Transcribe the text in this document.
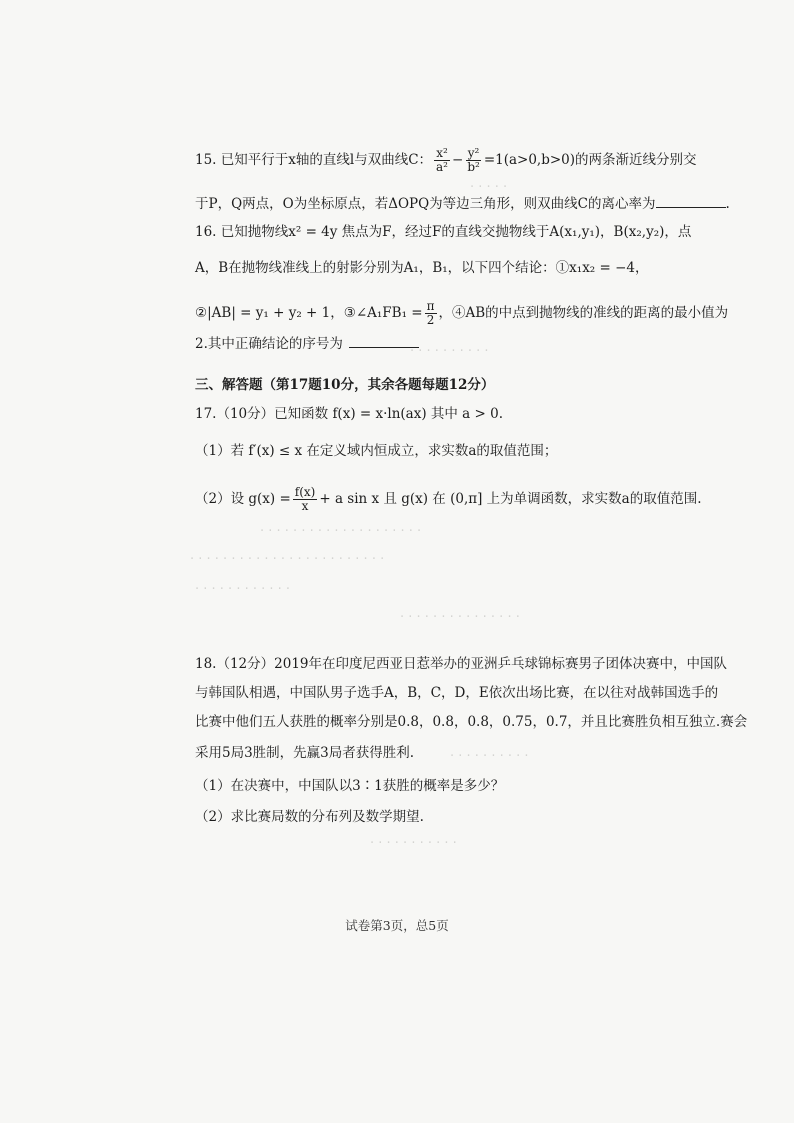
. . . . .
. . . . . . . . . .
. . . . . . . . . . . . . . . . . . . .
. . . . . . . . . . . . . . . . . . . . . . . .
. . . . . . . . . . . .
. . . . . . . . . . . . . . .
. . . . . . . . . .
. . . . . . . . . . .
15. 已知平行于x轴的直线l与双曲线C： $\frac{\text{x²}}{\text{a²}} - \frac{\text{y²}}{\text{b²}} =1(a>0,b>0)$的两条渐近线分别交
于P，Q两点，O为坐标原点，若ΔOPQ为等边三角形，则双曲线C的离心率为	.
16. 已知抛物线x² = 4y 焦点为F，经过F的直线交抛物线于A(x₁,y₁)，B(x₂,y₂)，点
A，B在抛物线准线上的射影分别为A₁，B₁，以下四个结论：①x₁x₂ = −4，
②|AB| = y₁ + y₂ + 1，③∠A₁FB₁ = $\frac{\pi}{2}$ ，④AB的中点到抛物线的准线的距离的最小值为
2.其中正确结论的序号为
三、解答题（第17题10分，其余各题每题12分）
17.（10分）已知函数 f(x) = x·ln(ax) 其中 a > 0.
（1）若 f′(x) ≤ x 在定义域内恒成立，求实数a的取值范围；
（2）设 $g(x) = \frac{f(x)}{x} + a$ sin x 且 g(x) 在 (0,π] 上为单调函数，求实数a的取值范围.
18.（12分）2019年在印度尼西亚日惹举办的亚洲乒乓球锦标赛男子团体决赛中，中国队
与韩国队相遇，中国队男子选手A，B，C，D，E依次出场比赛，在以往对战韩国选手的
比赛中他们五人获胜的概率分别是0.8，0.8，0.8，0.75，0.7，并且比赛胜负相互独立.赛会
采用5局3胜制，先赢3局者获得胜利.
（1）在决赛中，中国队以3∶1获胜的概率是多少？
（2）求比赛局数的分布列及数学期望.
试卷第3页，总5页
